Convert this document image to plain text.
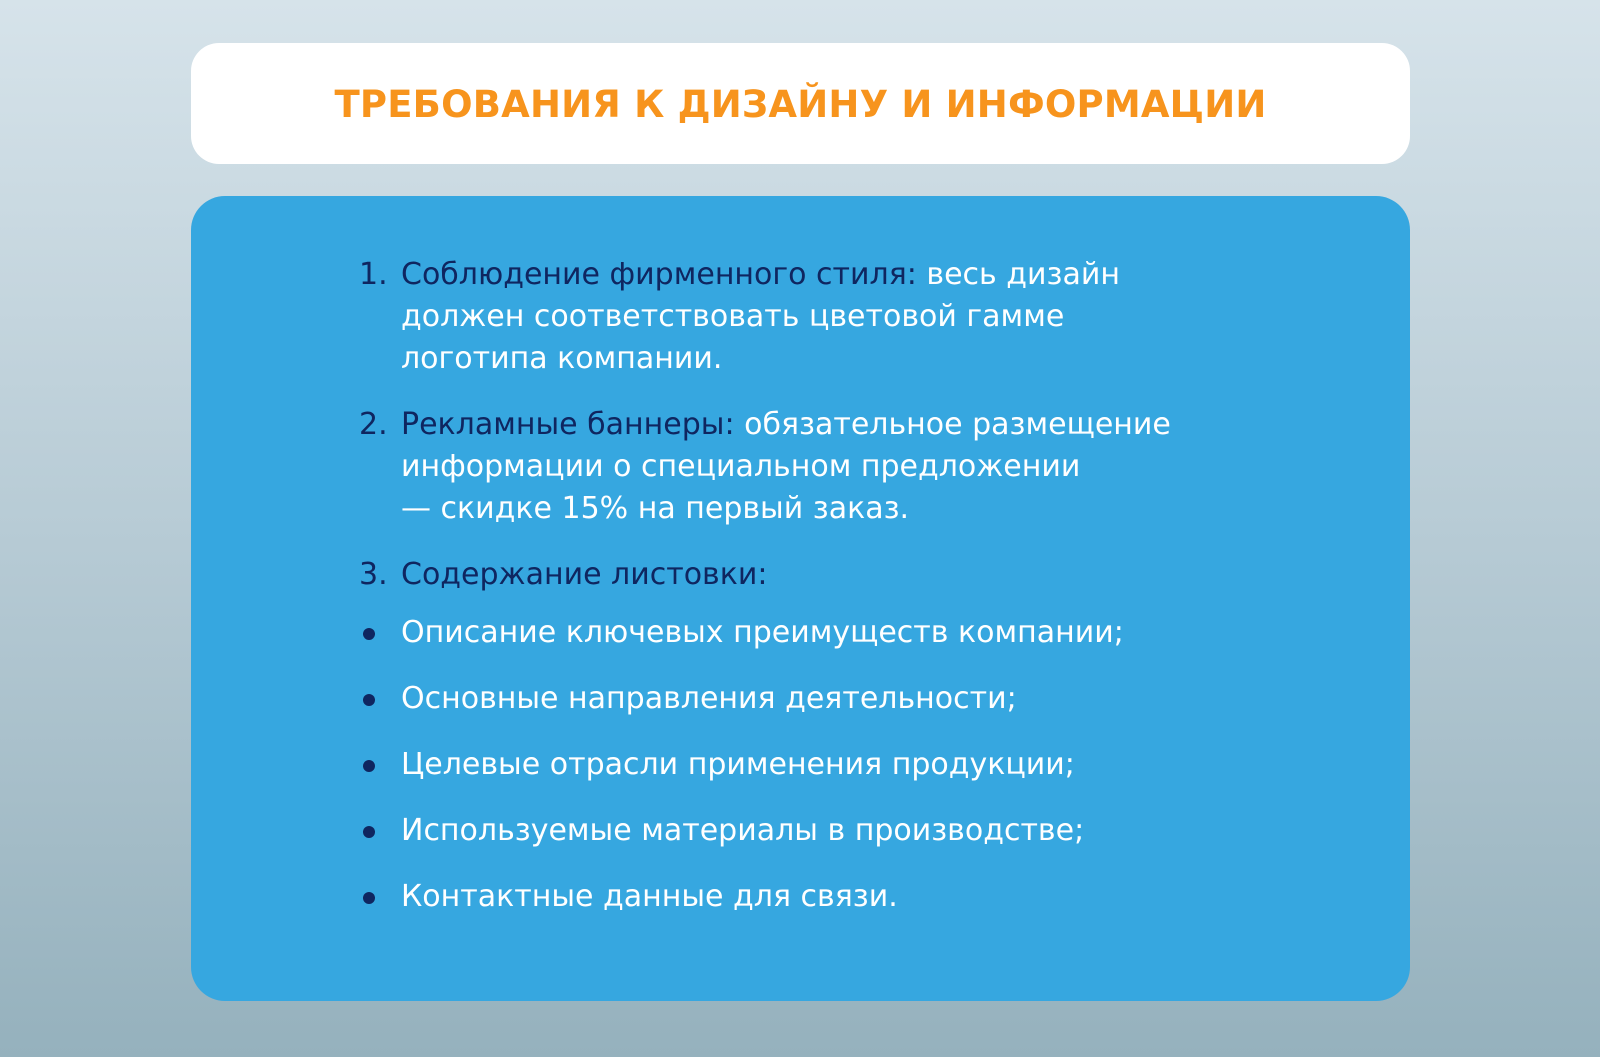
ТРЕБОВАНИЯ К ДИЗАЙНУ И ИНФОРМАЦИИ
1. Соблюдение фирменного стиля: весь дизайн
должен соответствовать цветовой гамме
логотипа компании.
2. Рекламные баннеры: обязательное размещение
информации о специальном предложении
— скидке 15% на первый заказ.
3. Содержание листовки:
Описание ключевых преимуществ компании;
Основные направления деятельности;
Целевые отрасли применения продукции;
Используемые материалы в производстве;
Контактные данные для связи.
